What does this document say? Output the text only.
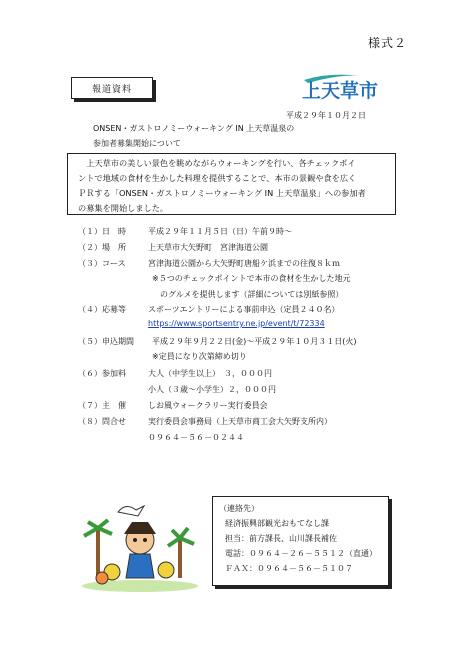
様式２
報道資料	上天草市
平成２９年１０月２日
ONSEN・ガストロノミーウォーキング IN 上天草温泉の
参加者募集開始について
　上天草市の美しい景色を眺めながらウォーキングを行い、各チェックポイ
ントで地域の食材を生かした料理を提供することで、本市の景観や食を広く
ＰＲする「ONSEN・ガストロノミーウォーキング IN 上天草温泉」への参加者
の募集を開始しました。
（１）日　時	平成２９年１１月５日（日）午前９時～
（２）場　所	上天草市大矢野町　宮津海道公園
（３）コース	宮津海道公園から大矢野町唐船ケ浜までの往復８ｋｍ
※５つのチェックポイントで本市の食材を生かした地元
　のグルメを提供します（詳細については別紙参照）
（４）応募等	スポーツエントリーによる事前申込（定員２４０名）
https://www.sportsentry.ne.jp/event/t/72334
（５）申込期間 平成２９年９月２２日(金)～平成２９年１０月３１日(火)
※定員になり次第締め切り
（６）参加料	大人（中学生以上）　３，０００円
小人（３歳～小学生）２，０００円
（７）主　催	しお風ウォークラリー実行委員会
（８）問合せ	実行委員会事務局（上天草市商工会大矢野支所内）
０９６４－５６－０２４４
（連絡先）
経済振興部観光おもてなし課
担当：前方課長、山川課長補佐
電話：０９６４－２６－５５１２（直通）
ＦＡＸ：０９６４－５６－５１０７
